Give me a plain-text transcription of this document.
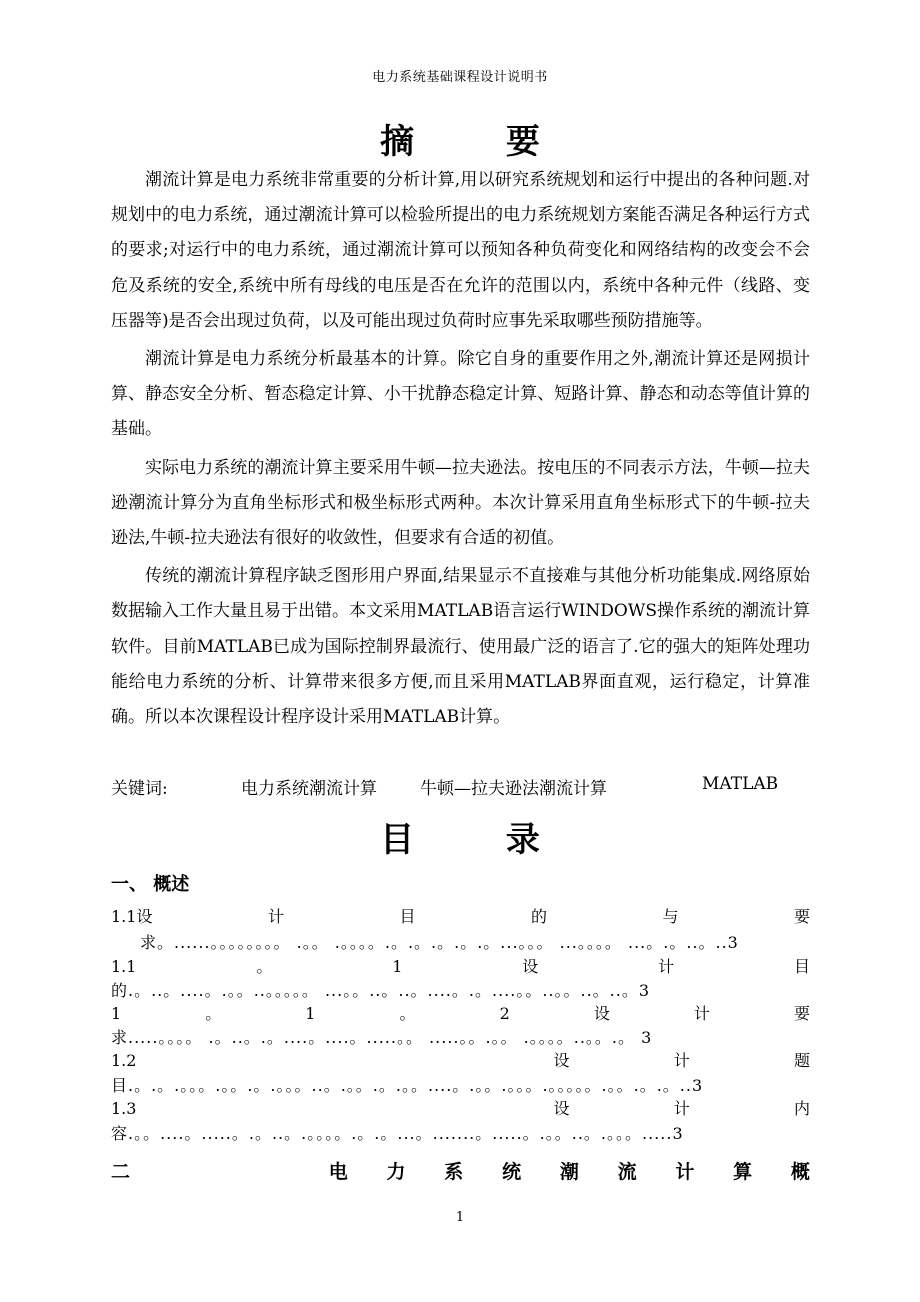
电力系统基础课程设计说明书
摘 要

潮流计算是电力系统非常重要的分析计算,用以研究系统规划和运行中提出的各种问题.对规划中的电力系统，通过潮流计算可以检验所提出的电力系统规划方案能否满足各种运行方式的要求;对运行中的电力系统，通过潮流计算可以预知各种负荷变化和网络结构的改变会不会危及系统的安全,系统中所有母线的电压是否在允许的范围以内，系统中各种元件（线路、变压器等)是否会出现过负荷，以及可能出现过负荷时应事先采取哪些预防措施等。

潮流计算是电力系统分析最基本的计算。除它自身的重要作用之外,潮流计算还是网损计算、静态安全分析、暂态稳定计算、小干扰静态稳定计算、短路计算、静态和动态等值计算的基础。

实际电力系统的潮流计算主要采用牛顿—拉夫逊法。按电压的不同表示方法，牛顿—拉夫逊潮流计算分为直角坐标形式和极坐标形式两种。本次计算采用直角坐标形式下的牛顿-拉夫逊法,牛顿-拉夫逊法有很好的收敛性，但要求有合适的初值。

传统的潮流计算程序缺乏图形用户界面,结果显示不直接难与其他分析功能集成.网络原始数据输入工作大量且易于出错。本文采用MATLAB语言运行WINDOWS操作系统的潮流计算软件。目前MATLAB已成为国际控制界最流行、使用最广泛的语言了.它的强大的矩阵处理功能给电力系统的分析、计算带来很多方便,而且采用MATLAB界面直观，运行稳定，计算准确。所以本次课程设计程序设计采用MATLAB计算。

关键词:	电力系统潮流计算	牛顿—拉夫逊法潮流计算	MATLAB
目 录
一、 概述
1.1设	计	目	的	与	要
求。......。。。。。。。。 .。。 .。。。。.。.。.。.。.。...。。。 ...。。。。 ...。.。..。..3
1.1	。	1	设	计	目
的.。..。....。.。。..。。。。。 ...。。..。..。....。.。....。。..。。..。..。3
1	。	1	。	2	设	计	要
求.....。。。。 .。..。.。....。....。.....。。 .....。。.。。 .。。。。..。。.。 3
1.2	设	计	题
目.。.。.。。。.。。.。.。。。..。.。。.。.。。....。.。。.。。。.。。。。。.。。.。.。..3
1.3	设	计	内
容.。。....。.....。.。..。.。。。。.。.。...。.......。.....。.。。..。.。。。.....3
二	电 力 系 统 潮 流 计 算 概
1
